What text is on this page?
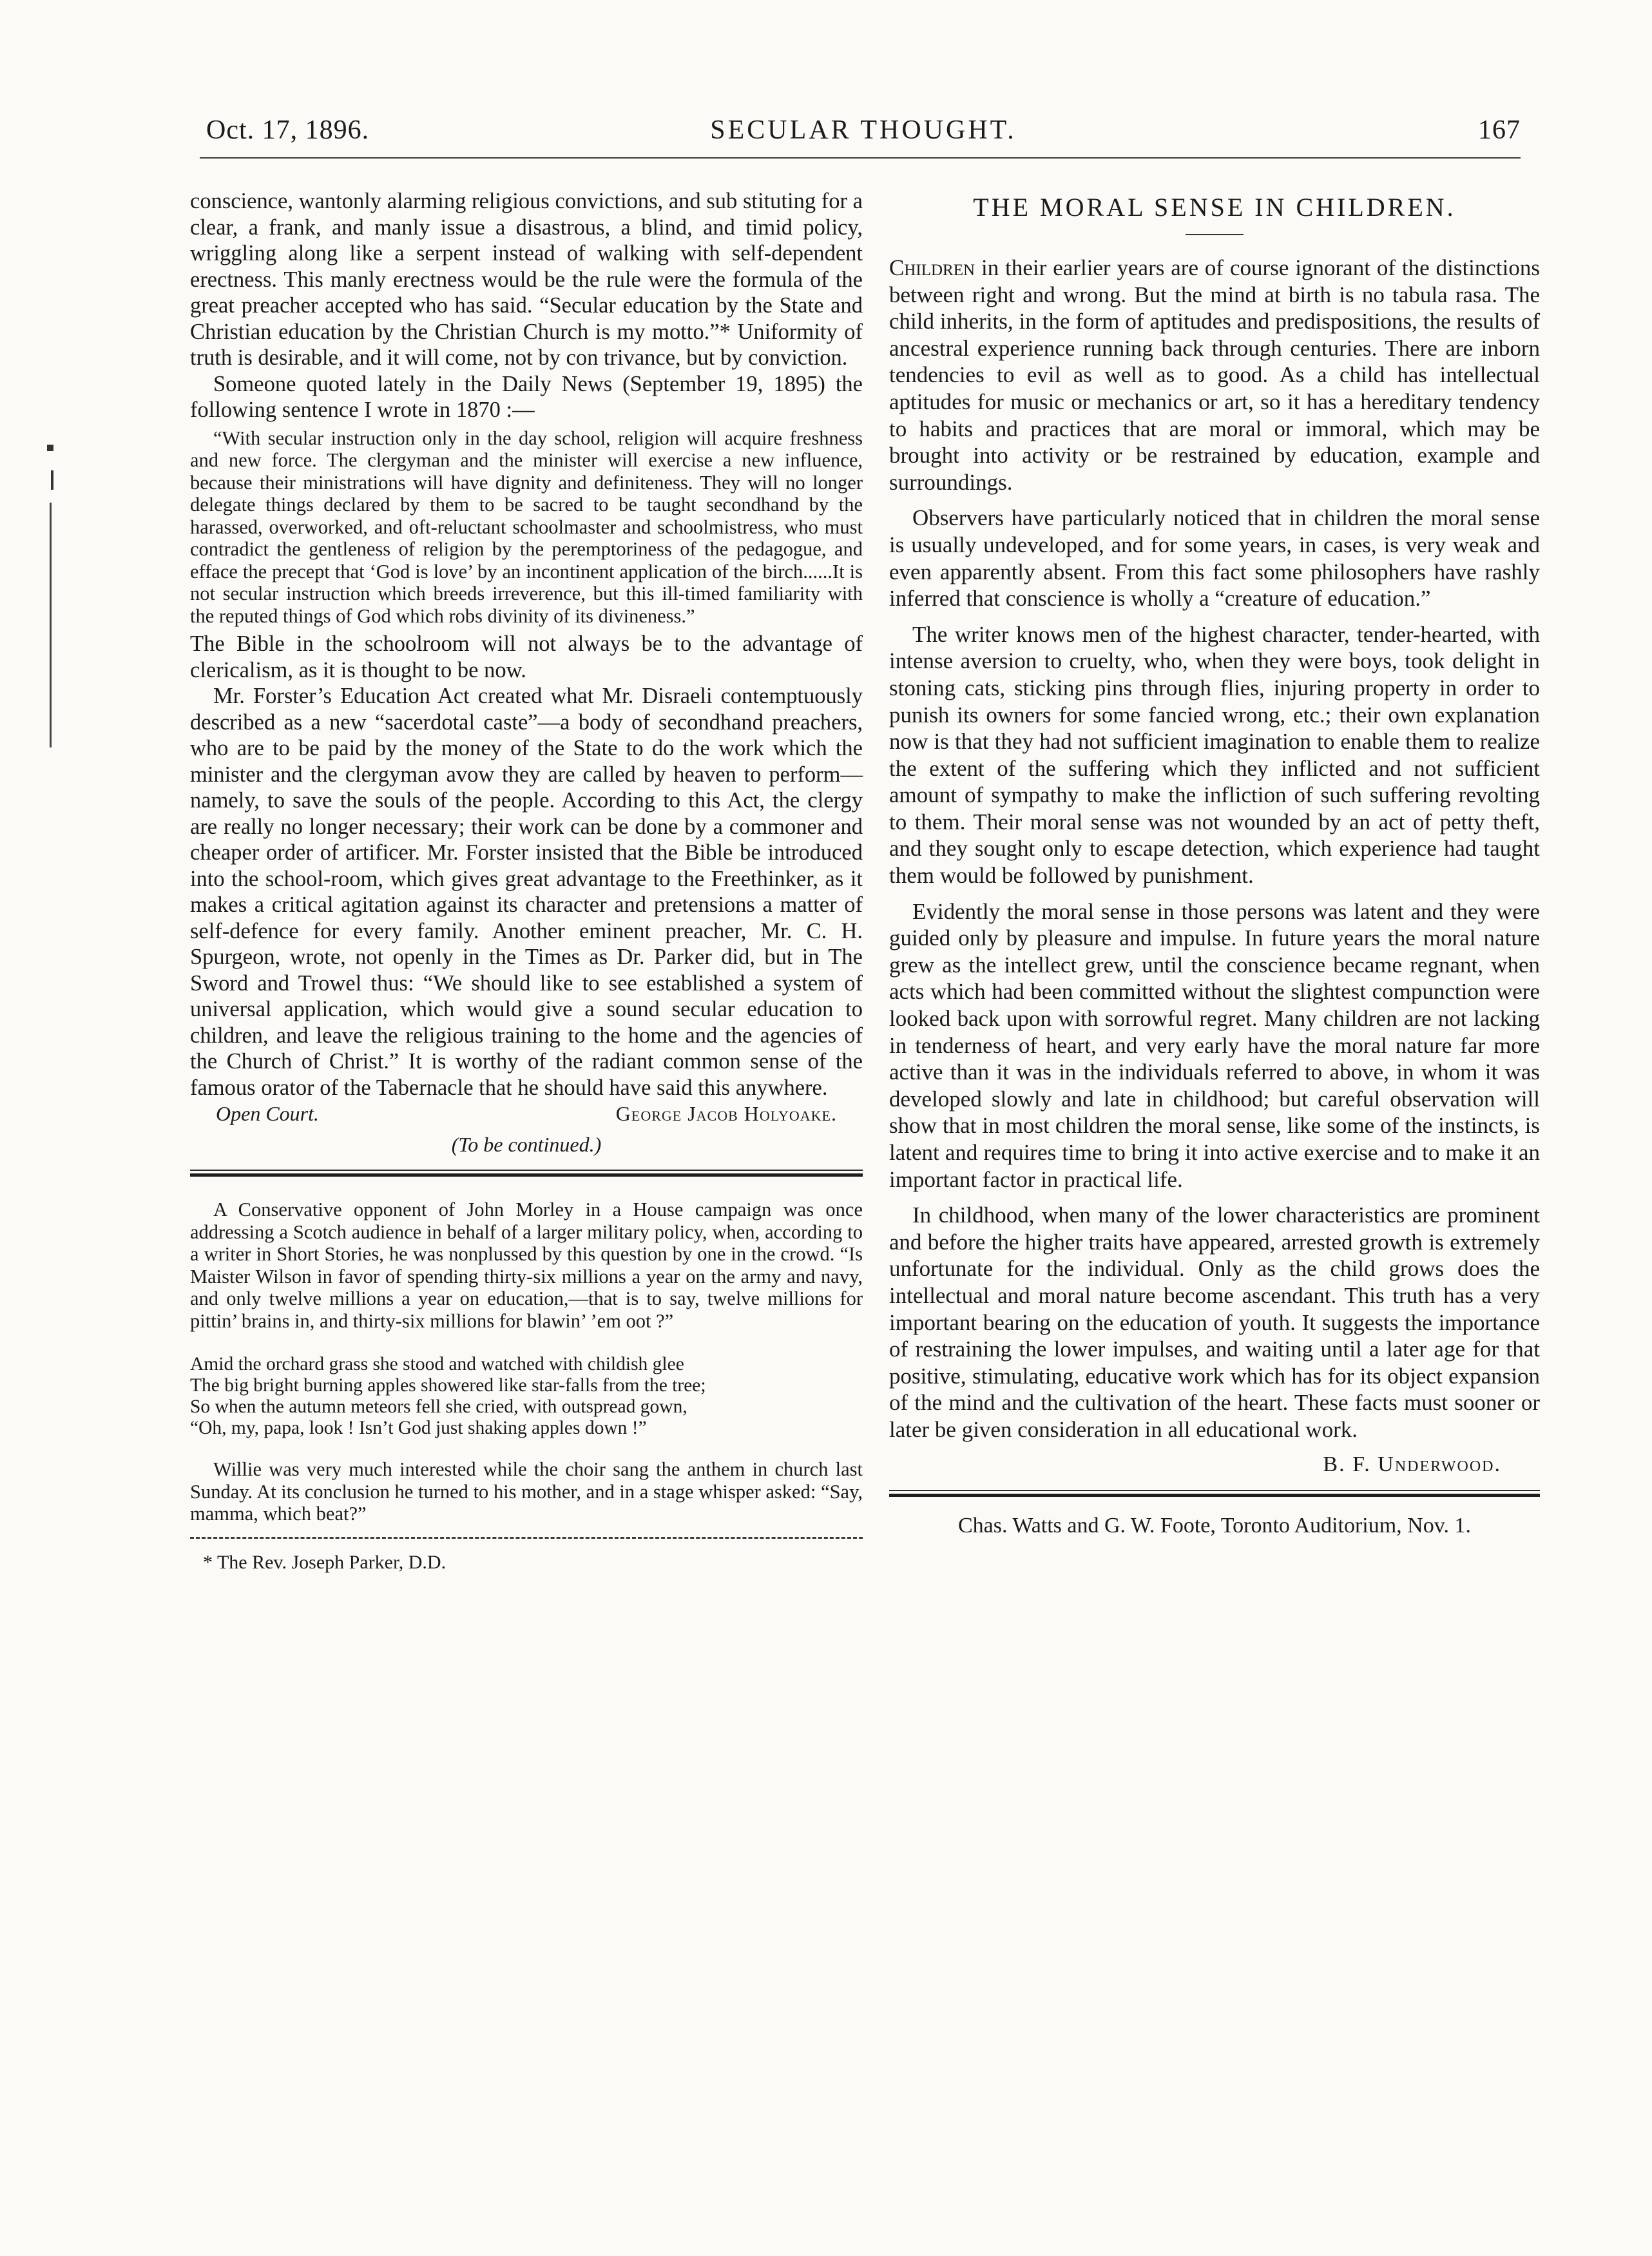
Oct. 17, 1896.	SECULAR THOUGHT.	167

conscience, wantonly alarming religious convictions, and sub stituting for a clear, a frank, and manly issue a disastrous, a blind, and timid policy, wriggling along like a serpent instead of walking with self-dependent erectness. This manly erectness would be the rule were the formula of the great preacher accepted who has said. “Secular education by the State and Christian education by the Christian Church is my motto.”* Uniformity of truth is desirable, and it will come, not by con trivance, but by conviction.

Someone quoted lately in the Daily News (September 19, 1895) the following sentence I wrote in 1870 :—

“With secular instruction only in the day school, religion will acquire freshness and new force. The clergyman and the minister will exercise a new influence, because their ministrations will have dignity and definiteness. They will no longer delegate things declared by them to be sacred to be taught secondhand by the harassed, overworked, and oft-reluctant schoolmaster and schoolmistress, who must contradict the gentleness of religion by the peremptoriness of the pedagogue, and efface the precept that ‘God is love’ by an incontinent application of the birch......It is not secular instruction which breeds irreverence, but this ill-timed familiarity with the reputed things of God which robs divinity of its divineness.”

The Bible in the schoolroom will not always be to the advantage of clericalism, as it is thought to be now.

Mr. Forster’s Education Act created what Mr. Disraeli contemptuously described as a new “sacerdotal caste”—a body of secondhand preachers, who are to be paid by the money of the State to do the work which the minister and the clergyman avow they are called by heaven to perform—namely, to save the souls of the people. According to this Act, the clergy are really no longer necessary; their work can be done by a commoner and cheaper order of artificer. Mr. Forster insisted that the Bible be introduced into the school-room, which gives great advantage to the Freethinker, as it makes a critical agitation against its character and pretensions a matter of self-defence for every family. Another eminent preacher, Mr. C. H. Spurgeon, wrote, not openly in the Times as Dr. Parker did, but in The Sword and Trowel thus: “We should like to see established a system of universal application, which would give a sound secular education to children, and leave the religious training to the home and the agencies of the Church of Christ.” It is worthy of the radiant common sense of the famous orator of the Tabernacle that he should have said this anywhere.

Open Court.	George Jacob Holyoake.
(To be continued.)

A Conservative opponent of John Morley in a House campaign was once addressing a Scotch audience in behalf of a larger military policy, when, according to a writer in Short Stories, he was nonplussed by this question by one in the crowd. “Is Maister Wilson in favor of spending thirty-six millions a year on the army and navy, and only twelve millions a year on education,—that is to say, twelve millions for pittin’ brains in, and thirty-six millions for blawin’ ’em oot ?”

Amid the orchard grass she stood and watched with childish glee
The big bright burning apples showered like star-falls from the tree;
So when the autumn meteors fell she cried, with outspread gown,
“Oh, my, papa, look ! Isn’t God just shaking apples down !”

Willie was very much interested while the choir sang the anthem in church last Sunday. At its conclusion he turned to his mother, and in a stage whisper asked: “Say, mamma, which beat?”

* The Rev. Joseph Parker, D.D.
THE MORAL SENSE IN CHILDREN.

Children in their earlier years are of course ignorant of the distinctions between right and wrong. But the mind at birth is no tabula rasa. The child inherits, in the form of aptitudes and predispositions, the results of ancestral experience running back through centuries. There are inborn tendencies to evil as well as to good. As a child has intellectual aptitudes for music or mechanics or art, so it has a hereditary tendency to habits and practices that are moral or immoral, which may be brought into activity or be restrained by education, example and surroundings.

Observers have particularly noticed that in children the moral sense is usually undeveloped, and for some years, in cases, is very weak and even apparently absent. From this fact some philosophers have rashly inferred that conscience is wholly a “creature of education.”

The writer knows men of the highest character, tender-hearted, with intense aversion to cruelty, who, when they were boys, took delight in stoning cats, sticking pins through flies, injuring property in order to punish its owners for some fancied wrong, etc.; their own explanation now is that they had not sufficient imagination to enable them to realize the extent of the suffering which they inflicted and not sufficient amount of sympathy to make the infliction of such suffering revolting to them. Their moral sense was not wounded by an act of petty theft, and they sought only to escape detection, which experience had taught them would be followed by punishment.

Evidently the moral sense in those persons was latent and they were guided only by pleasure and impulse. In future years the moral nature grew as the intellect grew, until the conscience became regnant, when acts which had been committed without the slightest compunction were looked back upon with sorrowful regret. Many children are not lacking in tenderness of heart, and very early have the moral nature far more active than it was in the individuals referred to above, in whom it was developed slowly and late in childhood; but careful observation will show that in most children the moral sense, like some of the instincts, is latent and requires time to bring it into active exercise and to make it an important factor in practical life.

In childhood, when many of the lower characteristics are prominent and before the higher traits have appeared, arrested growth is extremely unfortunate for the individual. Only as the child grows does the intellectual and moral nature become ascendant. This truth has a very important bearing on the education of youth. It suggests the importance of restraining the lower impulses, and waiting until a later age for that positive, stimulating, educative work which has for its object expansion of the mind and the cultivation of the heart. These facts must sooner or later be given consideration in all educational work.

B. F. Underwood.
Chas. Watts and G. W. Foote, Toronto Auditorium, Nov. 1.
